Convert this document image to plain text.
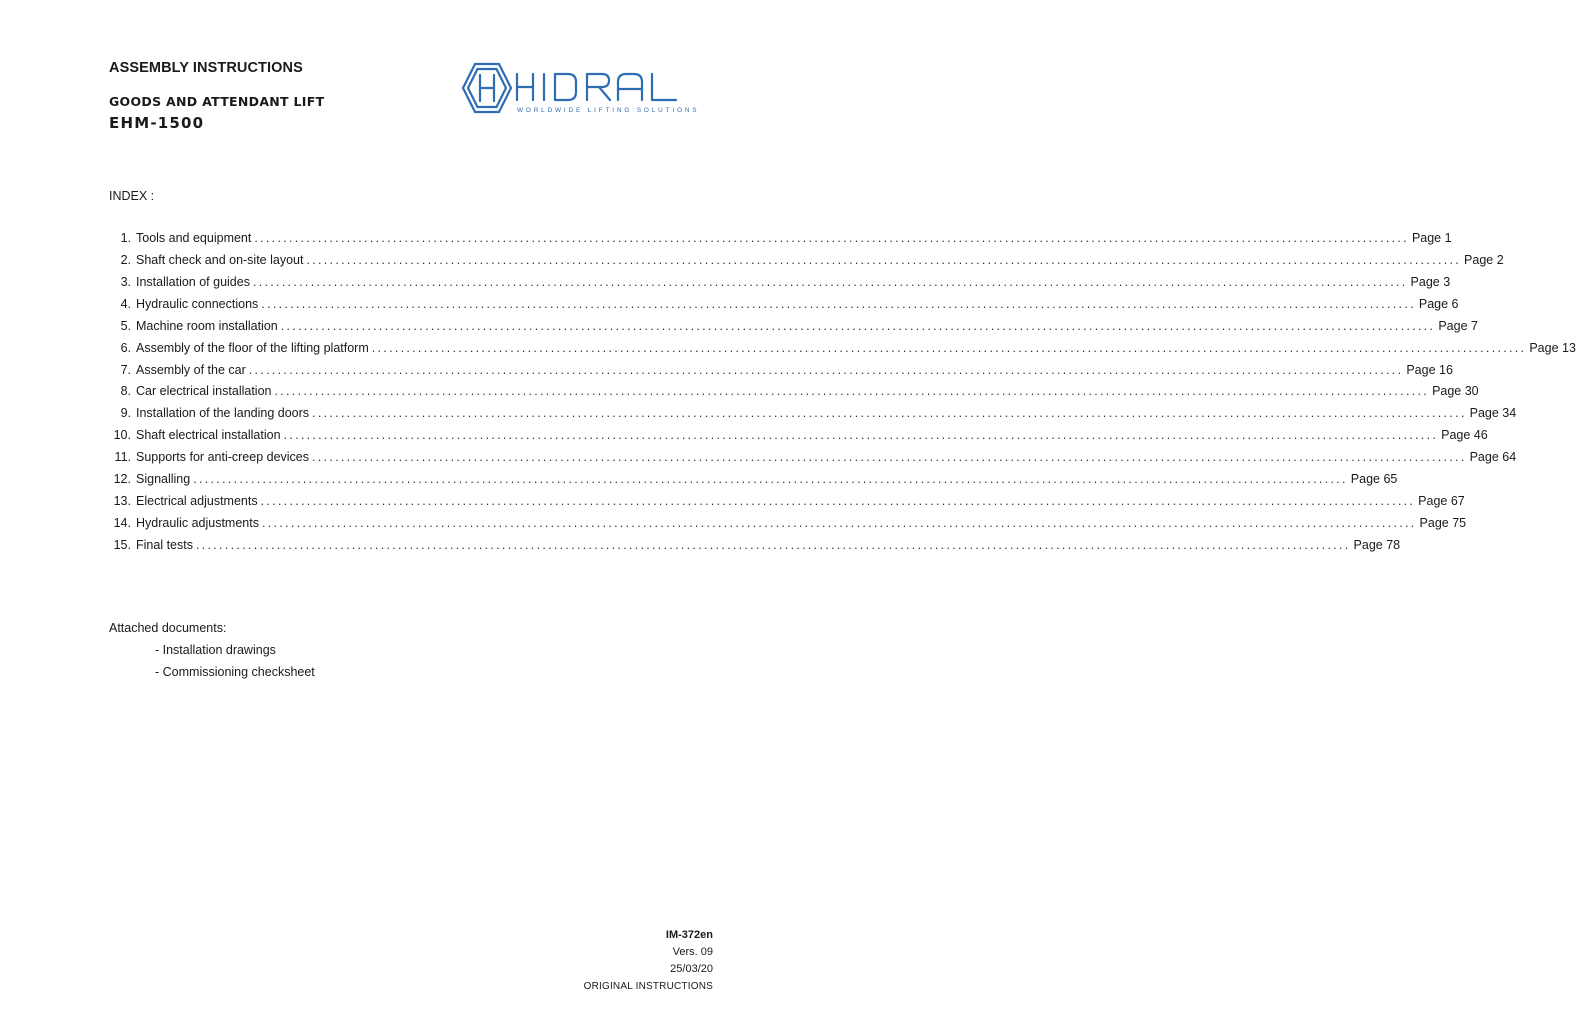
ASSEMBLY INSTRUCTIONS
GOODS AND ATTENDANT LIFT
EHM-1500
WORLDWIDE LIFTING SOLUTIONS
INDEX :
1. Tools and equipment ........................................................................................................................................................................................................ Page 1
2. Shaft check and on-site layout ........................................................................................................................................................................................................ Page 2
3. Installation of guides ........................................................................................................................................................................................................ Page 3
4. Hydraulic connections ........................................................................................................................................................................................................ Page 6
5. Machine room installation ........................................................................................................................................................................................................ Page 7
6. Assembly of the floor of the lifting platform ........................................................................................................................................................................................................ Page 13
7. Assembly of the car ........................................................................................................................................................................................................ Page 16
8. Car electrical installation ........................................................................................................................................................................................................ Page 30
9. Installation of the landing doors ........................................................................................................................................................................................................ Page 34
10. Shaft electrical installation ........................................................................................................................................................................................................ Page 46
11. Supports for anti-creep devices ........................................................................................................................................................................................................ Page 64
12. Signalling ........................................................................................................................................................................................................ Page 65
13. Electrical adjustments ........................................................................................................................................................................................................ Page 67
14. Hydraulic adjustments ........................................................................................................................................................................................................ Page 75
15. Final tests ........................................................................................................................................................................................................ Page 78
Attached documents:
- Installation drawings
- Commissioning checksheet
IM-372en
Vers. 09
25/03/20
ORIGINAL INSTRUCTIONS
